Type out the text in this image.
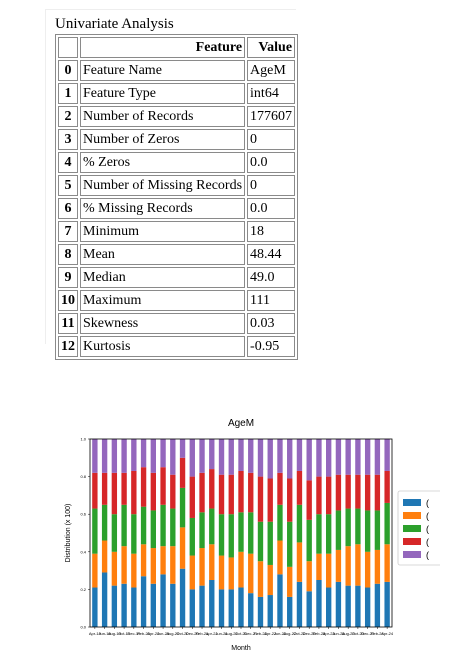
Univariate Analysis
	Feature	Value
0	Feature Name	AgeM
1	Feature Type	int64
2	Number of Records	177607
3	Number of Zeros	0
4	% Zeros	0.0
5	Number of Missing Records	0
6	% Missing Records	0.0
7	Minimum	18
8	Mean	48.44
9	Median	49.0
10	Maximum	111
11	Skewness	0.03
12	Kurtosis	-0.95
AgeM
Distribution (x 100)
Month
Apr-19
Jun-19
Aug-19
Oct-19
Dec-19
Feb-20
Apr-20
Jun-20
Aug-20
Oct-20
Dec-20
Feb-21
Apr-21
Jun-21
Aug-21
Oct-21
Dec-21
Feb-22
Apr-22
Jun-22
Aug-22
Oct-22
Dec-22
Feb-23
Apr-23
Jun-23
Aug-23
Oct-23
Dec-23
Feb-24
Apr-24
0.0
0.2
0.4
0.6
0.8
1.0
(
(
(
(
(
